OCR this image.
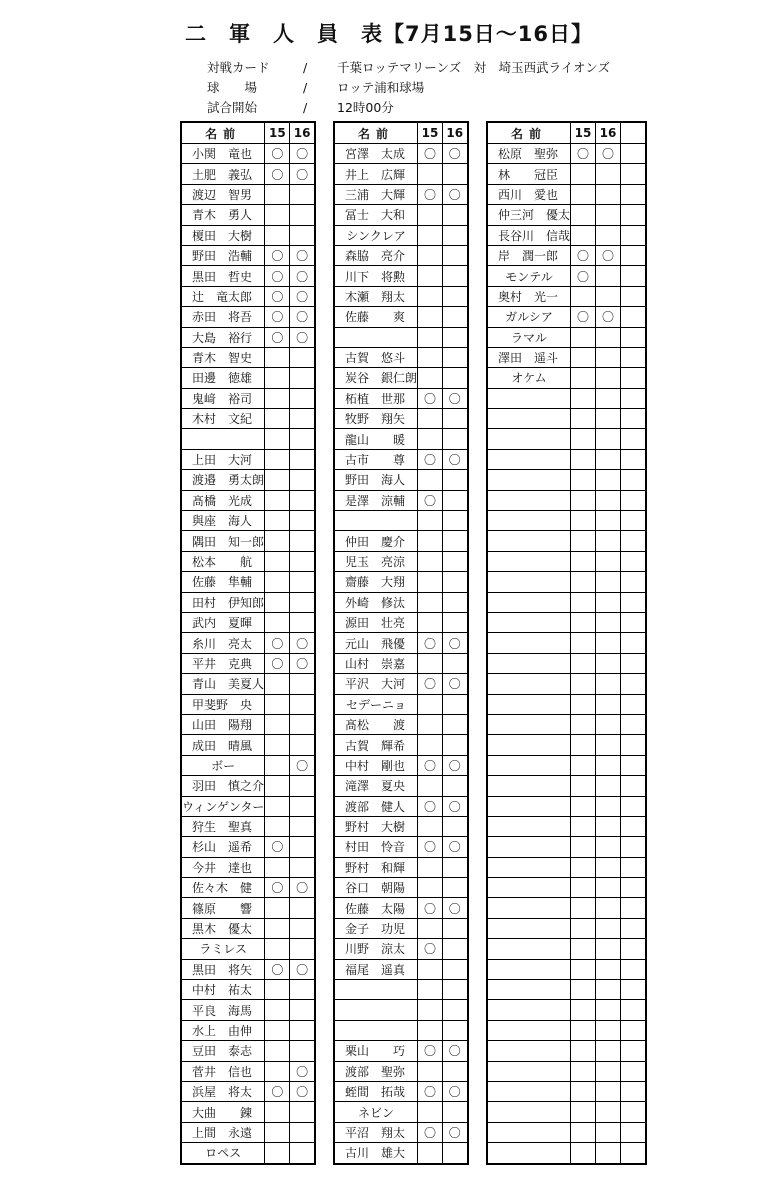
二　軍　人　員　表【7月15日〜16日】
対戦カード	/	千葉ロッテマリーンズ　対　埼玉西武ライオンズ
球　　場	/	ロッテ浦和球場
試合開始	/	12時00分
名前	15	16
小関　竜也	〇	〇
土肥　義弘	〇	〇
渡辺　智男		
青木　勇人		
榎田　大樹		
野田　浩輔	〇	〇
黒田　哲史	〇	〇
辻　竜太郎	〇	〇
赤田　将吾	〇	〇
大島　裕行	〇	〇
青木　智史		
田邊　徳雄		
鬼﨑　裕司		
木村　文紀		

上田　大河		
渡邉　勇太朗		
髙橋　光成		
與座　海人		
隅田　知一郎		
松本　　航		
佐藤　隼輔		
田村　伊知郎		
武内　夏暉		
糸川　亮太	〇	〇
平井　克典	〇	〇
青山　美夏人		
甲斐野　央		
山田　陽翔		
成田　晴風		
ボー		〇
羽田　慎之介		
ウィンゲンター		
狩生　聖真		
杉山　遥希	〇	
今井　達也		
佐々木　健	〇	〇
篠原　　響		
黒木　優太		
ラミレス		
黒田　将矢	〇	〇
中村　祐太		
平良　海馬		
水上　由伸		
豆田　泰志		
菅井　信也		〇
浜屋　将太	〇	〇
大曲　　錬		
上間　永遠		
ロペス		
名前	15	16
宮澤　太成	〇	〇
井上　広輝		
三浦　大輝	〇	〇
冨士　大和		
シンクレア		
森脇　亮介		
川下　将勲		
木瀬　翔太		
佐藤　　爽		

古賀　悠斗		
炭谷　銀仁朗		
柘植　世那	〇	〇
牧野　翔矢		
龍山　　暖		
古市　　尊	〇	〇
野田　海人		
是澤　涼輔	〇	

仲田　慶介		
児玉　亮涼		
齋藤　大翔		
外崎　修汰		
源田　壮亮		
元山　飛優	〇	〇
山村　崇嘉		
平沢　大河	〇	〇
セデーニョ		
髙松　　渡		
古賀　輝希		
中村　剛也	〇	〇
滝澤　夏央		
渡部　健人	〇	〇
野村　大樹		
村田　怜音	〇	〇
野村　和輝		
谷口　朝陽		
佐藤　太陽	〇	〇
金子　功児		
川野　涼太	〇	
福尾　遥真		

栗山　　巧	〇	〇
渡部　聖弥		
蛭間　拓哉	〇	〇
ネビン		
平沼　翔太	〇	〇
古川　雄大		
名前	15	16	
松原　聖弥	〇	〇	
林　　冠臣			
西川　愛也			
仲三河　優太			
長谷川　信哉			
岸　潤一郎	〇	〇	
モンテル	〇		
奥村　光一			
ガルシア	〇	〇	
ラマル			
澤田　遥斗			
オケム			
